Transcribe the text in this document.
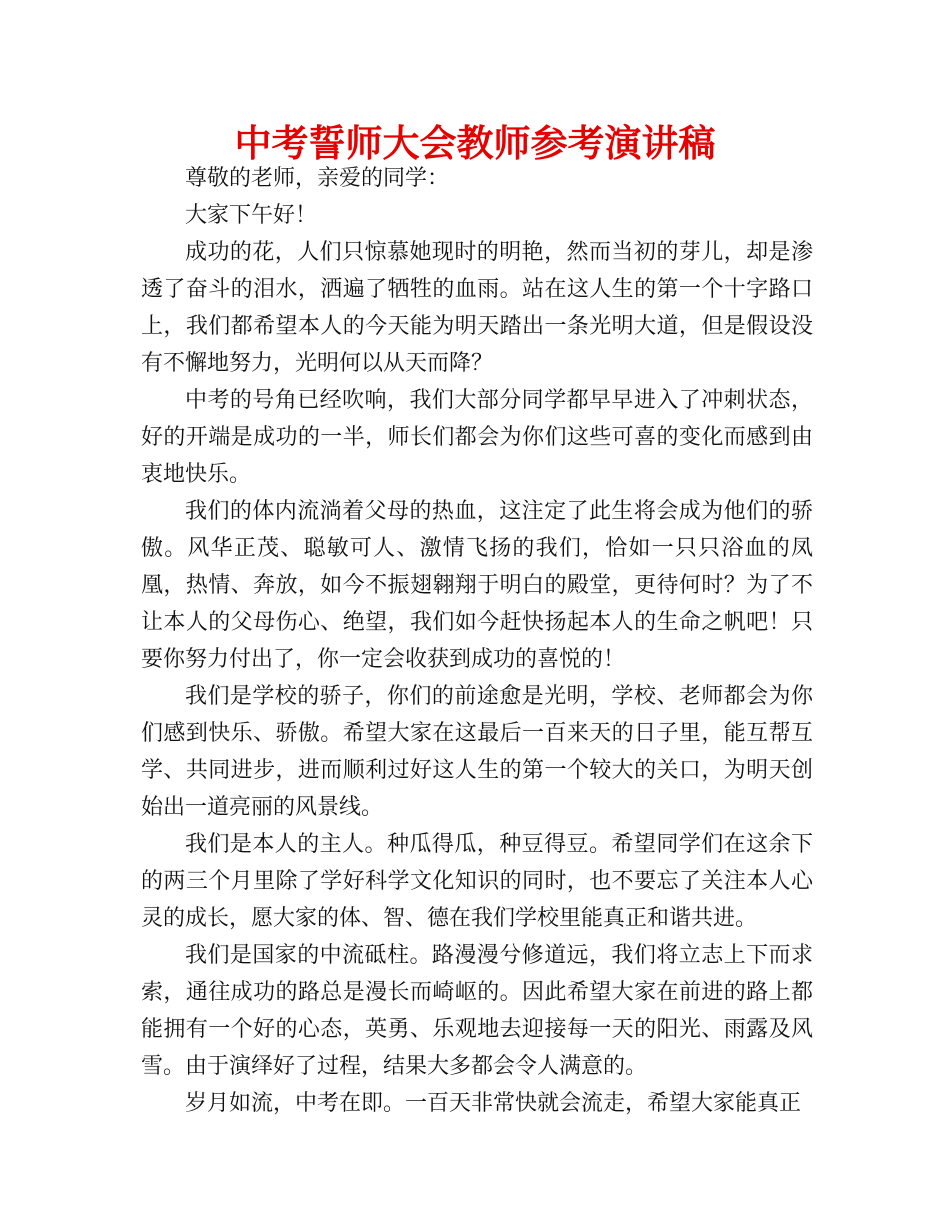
中考誓师大会教师参考演讲稿

尊敬的老师，亲爱的同学：

大家下午好！

成功的花，人们只惊慕她现时的明艳，然而当初的芽儿，却是渗透了奋斗的泪水，洒遍了牺牲的血雨。站在这人生的第一个十字路口上，我们都希望本人的今天能为明天踏出一条光明大道，但是假设没有不懈地努力，光明何以从天而降？

中考的号角已经吹响，我们大部分同学都早早进入了冲刺状态，好的开端是成功的一半，师长们都会为你们这些可喜的变化而感到由衷地快乐。

我们的体内流淌着父母的热血，这注定了此生将会成为他们的骄傲。风华正茂、聪敏可人、激情飞扬的我们，恰如一只只浴血的凤凰，热情、奔放，如今不振翅翱翔于明白的殿堂，更待何时？为了不让本人的父母伤心、绝望，我们如今赶快扬起本人的生命之帆吧！只要你努力付出了，你一定会收获到成功的喜悦的！

我们是学校的骄子，你们的前途愈是光明，学校、老师都会为你们感到快乐、骄傲。希望大家在这最后一百来天的日子里，能互帮互学、共同进步，进而顺利过好这人生的第一个较大的关口，为明天创始出一道亮丽的风景线。

我们是本人的主人。种瓜得瓜，种豆得豆。希望同学们在这余下的两三个月里除了学好科学文化知识的同时，也不要忘了关注本人心灵的成长，愿大家的体、智、德在我们学校里能真正和谐共进。

我们是国家的中流砥柱。路漫漫兮修道远，我们将立志上下而求索，通往成功的路总是漫长而崎岖的。因此希望大家在前进的路上都能拥有一个好的心态，英勇、乐观地去迎接每一天的阳光、雨露及风雪。由于演绎好了过程，结果大多都会令人满意的。

岁月如流，中考在即。一百天非常快就会流走，希望大家能真正
